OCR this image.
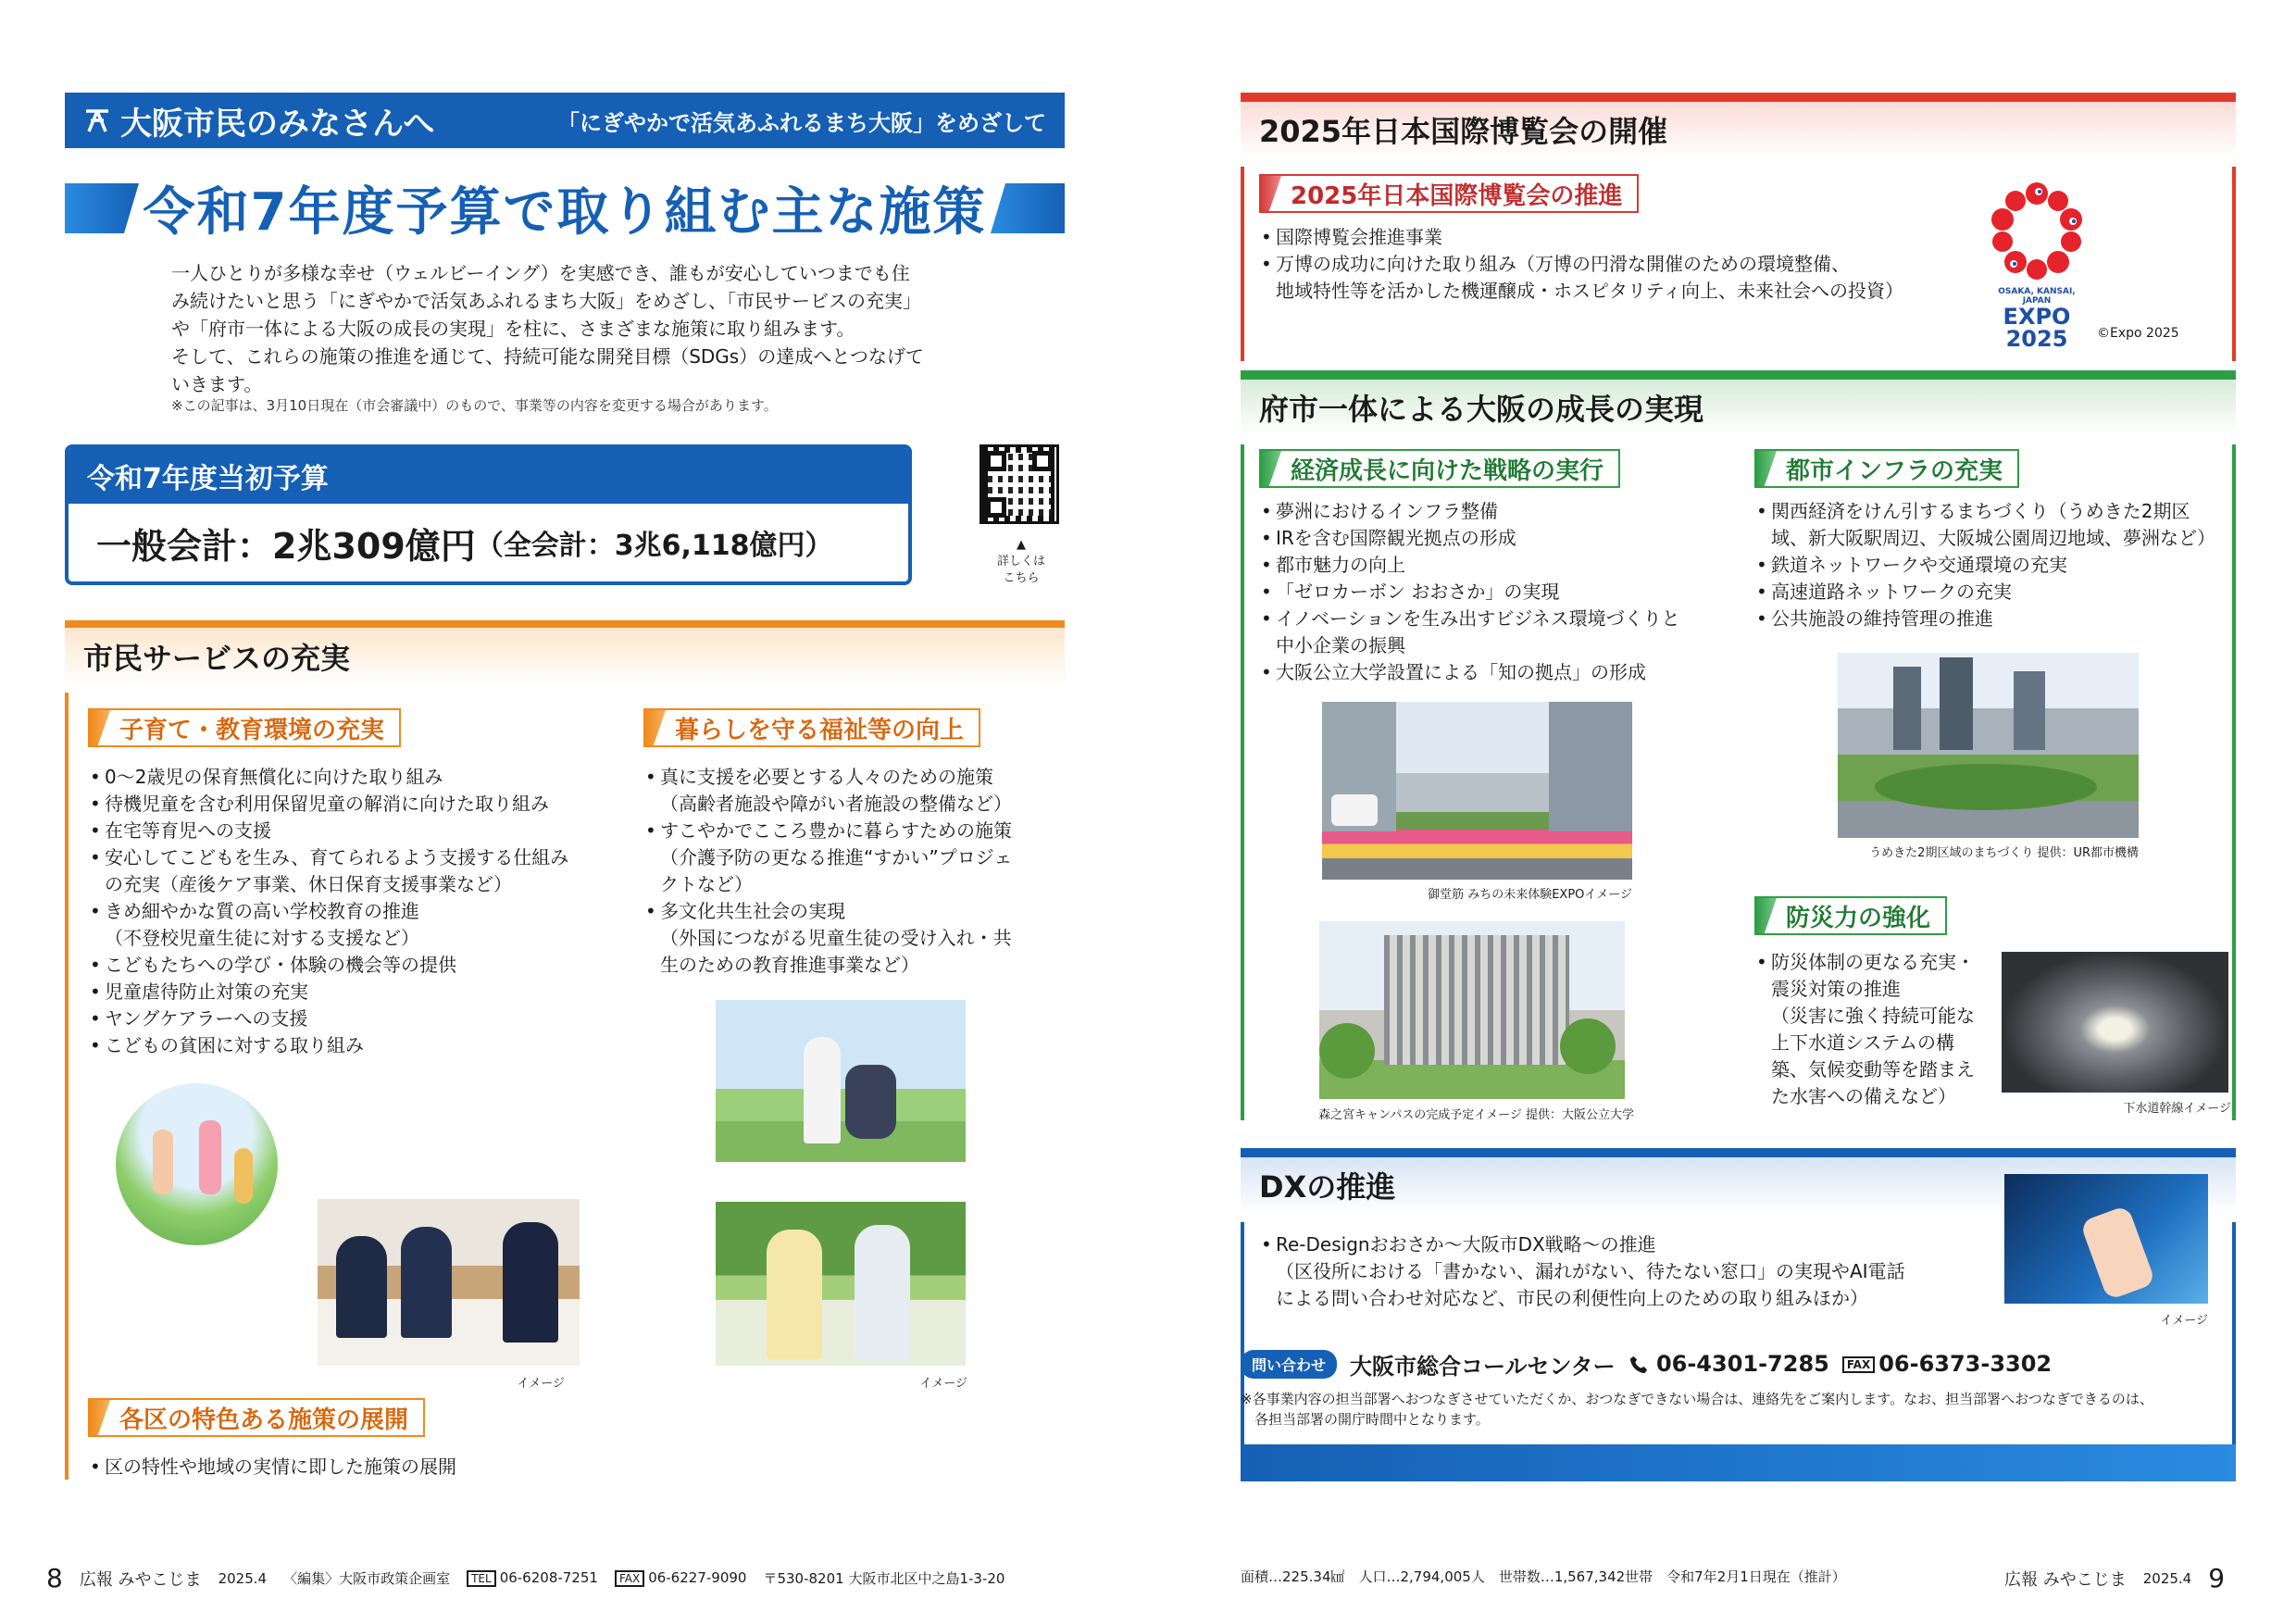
大阪市民のみなさんへ	「にぎやかで活気あふれるまち大阪」をめざして
令和7年度予算で取り組む主な施策
一人ひとりが多様な幸せ（ウェルビーイング）を実感でき、誰もが安心していつまでも住
み続けたいと思う「にぎやかで活気あふれるまち大阪」をめざし、「市民サービスの充実」
や「府市一体による大阪の成長の実現」を柱に、さまざまな施策に取り組みます。
そして、これらの施策の推進を通じて、持続可能な開発目標（SDGs）の達成へとつなげて
いきます。
※この記事は、3月10日現在（市会審議中）のもので、事業等の内容を変更する場合があります。
令和7年度当初予算
一般会計：2兆309億円 （全会計：3兆6,118億円）	▲
詳しくは
こちら
市民サービスの充実
子育て・教育環境の充実
• 0～2歳児の保育無償化に向けた取り組み
• 待機児童を含む利用保留児童の解消に向けた取り組み
• 在宅等育児への支援
• 安心してこどもを生み、育てられるよう支援する仕組み
の充実（産後ケア事業、休日保育支援事業など）
• きめ細やかな質の高い学校教育の推進
（不登校児童生徒に対する支援など）
• こどもたちへの学び・体験の機会等の提供
• 児童虐待防止対策の充実
• ヤングケアラーへの支援
• こどもの貧困に対する取り組み
暮らしを守る福祉等の向上
• 真に支援を必要とする人々のための施策
（高齢者施設や障がい者施設の整備など）
• すこやかでこころ豊かに暮らすための施策
（介護予防の更なる推進“すかい”プロジェ
クトなど）
• 多文化共生社会の実現
（外国につながる児童生徒の受け入れ・共
生のための教育推進事業など）
イメージ	イメージ
各区の特色ある施策の展開
• 区の特性や地域の実情に即した施策の展開
8 広報 みやこじま 2025.4 〈編集〉大阪市政策企画室	TEL 06-6208-7251	FAX 06-6227-9090 〒530-8201 大阪市北区中之島1-3-20
2025年日本国際博覧会の開催
2025年日本国際博覧会の推進
• 国際博覧会推進事業
• 万博の成功に向けた取り組み（万博の円滑な開催のための環境整備、
地域特性等を活かした機運醸成・ホスピタリティ向上、未来社会への投資）	OSAKA, KANSAI, JAPAN
EXPO
2025	©Expo 2025
府市一体による大阪の成長の実現
経済成長に向けた戦略の実行
• 夢洲におけるインフラ整備
• IRを含む国際観光拠点の形成
• 都市魅力の向上
• 「ゼロカーボン おおさか」の実現
• イノベーションを生み出すビジネス環境づくりと
中小企業の振興
• 大阪公立大学設置による「知の拠点」の形成
御堂筋 みちの未来体験EXPOイメージ
森之宮キャンパスの完成予定イメージ 提供：大阪公立大学
都市インフラの充実
• 関西経済をけん引するまちづくり（うめきた2期区
域、新大阪駅周辺、大阪城公園周辺地域、夢洲など）
• 鉄道ネットワークや交通環境の充実
• 高速道路ネットワークの充実
• 公共施設の維持管理の推進
うめきた2期区域のまちづくり 提供：UR都市機構
防災力の強化
• 防災体制の更なる充実・
震災対策の推進
（災害に強く持続可能な
上下水道システムの構
築、気候変動等を踏まえ
た水害への備えなど）
下水道幹線イメージ
DXの推進
• Re-Designおおさか～大阪市DX戦略～の推進
（区役所における「書かない、漏れがない、待たない窓口」の実現やAI電話
による問い合わせ対応など、市民の利便性向上のための取り組みほか）
イメージ
問い合わせ	大阪市総合コールセンター	06-4301-7285	FAX 06-6373-3302
※各事業内容の担当部署へおつなぎさせていただくか、おつなぎできない場合は、連絡先をご案内します。なお、担当部署へおつなぎできるのは、
　各担当部署の開庁時間中となります。
面積…225.34㎢　人口…2,794,005人　世帯数…1,567,342世帯　令和7年2月1日現在（推計）	広報 みやこじま 2025.4 9
